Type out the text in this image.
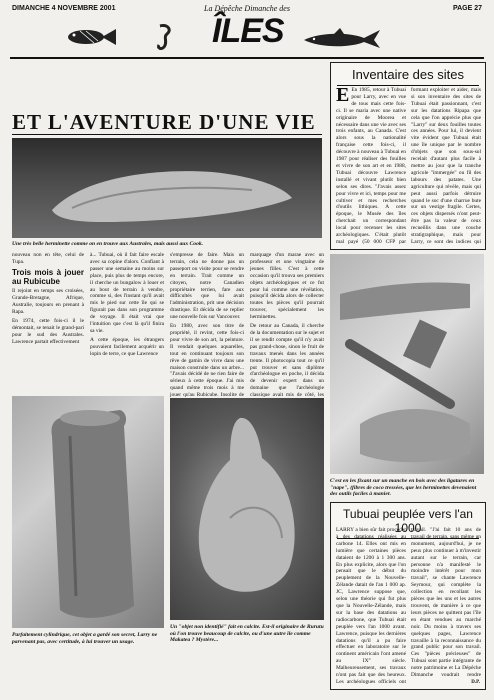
DIMANCHE 4 NOVEMBRE 2001	La Dépêche Dimanche des	PAGE 27
ÎLES
ET L'AVENTURE D'UNE VIE
Une très belle herminette comme on en trouve aux Australes, mais aussi aux Cook.

nouveau non en tête, celui de Tupa.

Trois mois à jouer au Rubicube

Il rejoint en temps ses croisées, Grande-Bretagne, Afrique, Australie, toujours en prenant à Rapa.

En 1974, cette fois-ci il le démontait, se tenait le grand-pari pour le sud des Australes. Lawrence partait effectivement

à... Tubuai, où il fait faire escale avec sa copine d'alors. Confiant à passer une semaine au moins sur place, puis plus de temps encore, il cherche un bungalow à louer et au bout de terrain à vendre, comme si, des l'instant qu'il avait mis le pied sur cette île qui se figurait pas dans son programme de voyage. Il était vrai que l'intuition que c'est là qu'il finira sa vie.

A cette époque, les étrangers pouvaient facilement acquérir un lopin de terre, ce que Lawrence

s'empresse de faire. Mais un terrain, cela ne donne pas un passeport ou visite pour se rendre en terrain. Trait comme un citoyen, notre Canadien propriétaire terrien, fare aux difficultés que lui avait l'administration, prit une décision drastique. Et décida de se replier une nouvelle fois sur Vancouver.

En 1980, avec son titre de propriété, il revint, cette fois-ci pour vivre de son art, la peinture. Il vendait quelques aquarelles, tout en continuant toujours son rêve de gamin de vivre dans une maison construite dans un arbre... "J'avais décidé de ne rien faire de sérieux à cette époque. J'ai mis quand même trois mois à me jouer qu'au Rubicube. Insolite de

marquage d'un marae avec un professeur et une vingtaine de jeunes filles. C'est à cette occasion qu'il trouva ses premiers objets archéologiques et ce fut pour lui comme une révélation, puisqu'il décida alors de collecter toutes les pièces qu'il pourrait trouver, spécialement les herminettes.

De retour au Canada, il cherche de la documentation sur le sujet et il se rendit compte qu'il n'y avait pas grand-chose, sinon le fruit de travaux menés dans les années trente. Il photocopia tout ce qu'il put trouver et sans diplôme d'archéologue en poche, il décida de devenir expert dans un domaine que l'archéologie classique avait mis de côté, les

Parfaitement cylindrique, cet objet a gardé son secret, Larry ne parvenant pas, avec certitude, à lui trouver un usage.
Un "objet non identifié" fait en calcite. Est-il originaire de Rurutu où l'on trouve beaucoup de calcite, ou d'une autre île comme Makatea ? Mystère...
Inventaire des sites
E En 1985, retour à Tubuai pour Larry, avec en vue de tous mais cette fois-ci. Il se maria avec une native originaire de Moorea et nécessaire dans une vie avec ses trois enfants, au Canada. C'est alors sous la nationalité française cette fois-ci, il découvre à nouveau à Tubuai en 1987 pour réaliser des fouilles et vivre de son art et en 1988, Tubuai découvre Lawrence installé et vivant plutôt bien selon ses dires. "J'avais assez pour vivre et ici, temps pour me cultiver et mes recherches d'outils lithiques. A cette époque, le Musée des îles cherchait un correspondant local pour recenser les sites archéologiques. C'était plutôt mal payé (50 000 CFP par
formant exploiter et aider, mais si son inventaire des sites de Tubuai était passionnant, c'est sur les datations Ripapa que cela que l'on apprécie plus que "Larry" sur deux fouilles toutes ces années. Pour lui, il devient vite évident que Tubuai était une île unique par le nombre d'objets que son sous-sol recelait d'autant plus facile à mettre au jour que la tranche agricole "immergée" ou fil des labours des patates. Une agriculture qui révèle, mais qui peut aussi parfois détruire quand le soc d'une charrue bute sur un vestige fragile. Certes, ces objets dispersés n'ont peut-être pas la valeur de ceux recueillis dans une couche stratigraphique, mais pour Larry, ce sont des indices qui
C'est en les fixant sur un manche en bois avec des ligatures en "nape", (fibres de coco tressées, que les herminettes devenaient des outils faciles à manier.
Tubuai peuplée vers l'an 1000
LARRY a bien sûr fait procéder à des datations réalisées au carbone 14. Elles ont mis en lumière que certaines pièces dataient de 1200 à 1 300 ans. En plus explicite, alors que l'on pensait que le début du peuplement de la Nouvelle-Zélande datait de l'an 1 000 ap. JC, Lawrence suppose que, selon une théorie qui fut plus que la Nouvelle-Zélande, mais sur la base des datations au radiocarbone, que Tubuai était peuplée vers l'an 1000 avant. Lawrence, puisque les dernières datations qu'il a pu faire effectuer en laboratoire sur le continent américain l'ont amené au IX° siècle. Malheureusement, ses travaux n'ont pas fait que des heureux. Les archéologues officiels ont
travail. "J'ai fait 10 ans de travail de terrain, sans même un monument, aujourd'hui, je ne peux plus continuer à m'investir autant sur le terrain, car personne n'a manifesté le moindre intérêt pour mon travail", se chante Lawrence Seymour, qui complète la collection en recollant les pièces que les uns et les autres trouvent, de manière à ce que leurs pièces ne quittent pas l'île en étant vendues au marché noir. Du moins à travers ses quelques pages, Lawrence travaille à la reconnaissance du grand public pour son travail. Ces "pièces précieuses" de Tubuai sont partie intégrante de notre patrimoine et La Dépêche Dimanche voudrait rendre
D.P.
